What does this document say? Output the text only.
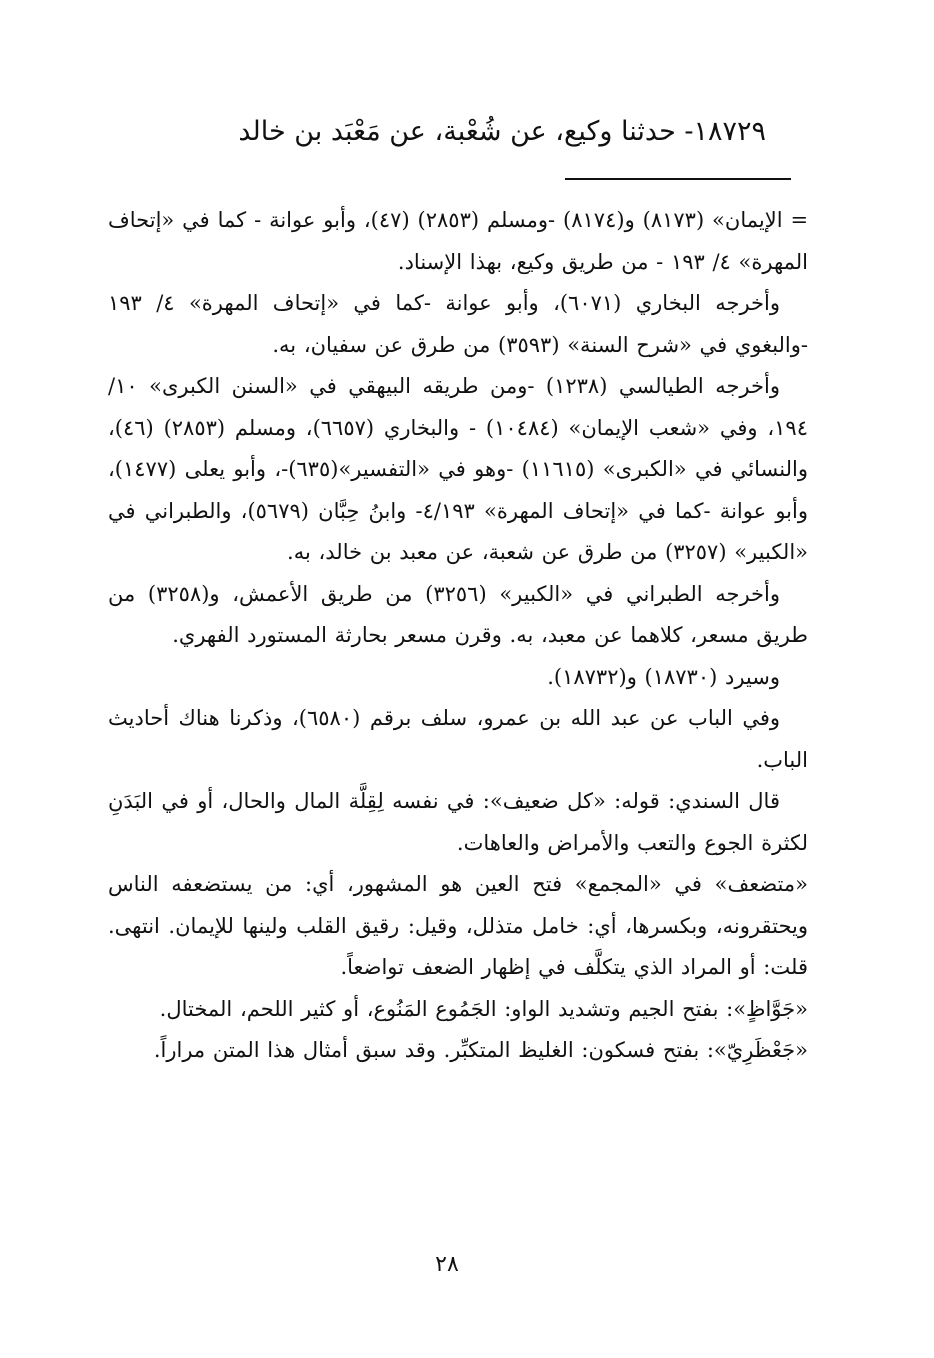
١٨٧٢٩- حدثنا وكيع، عن شُعْبة، عن مَعْبَد بن خالد

= الإيمان» (٨١٧٣) و(٨١٧٤) -ومسلم (٢٨٥٣) (٤٧)، وأبو عوانة - كما في «إتحاف المهرة» ٤/ ١٩٣ - من طريق وكيع، بهذا الإسناد.

وأخرجه البخاري (٦٠٧١)، وأبو عوانة -كما في «إتحاف المهرة» ٤/ ١٩٣ -والبغوي في «شرح السنة» (٣٥٩٣) من طرق عن سفيان، به.

وأخرجه الطيالسي (١٢٣٨) -ومن طريقه البيهقي في «السنن الكبرى» ١٠/ ١٩٤، وفي «شعب الإيمان» (١٠٤٨٤) - والبخاري (٦٦٥٧)، ومسلم (٢٨٥٣) (٤٦)، والنسائي في «الكبرى» (١١٦١٥) -وهو في «التفسير»(٦٣٥)-، وأبو يعلى (١٤٧٧)، وأبو عوانة -كما في «إتحاف المهرة» ٤/١٩٣- وابنُ حِبَّان (٥٦٧٩)، والطبراني في «الكبير» (٣٢٥٧) من طرق عن شعبة، عن معبد بن خالد، به.

وأخرجه الطبراني في «الكبير» (٣٢٥٦) من طريق الأعمش، و(٣٢٥٨) من طريق مسعر، كلاهما عن معبد، به. وقرن مسعر بحارثة المستورد الفهري.

وسيرد (١٨٧٣٠) و(١٨٧٣٢).

وفي الباب عن عبد الله بن عمرو، سلف برقم (٦٥٨٠)، وذكرنا هناك أحاديث الباب.

قال السندي: قوله: «كل ضعيف»: في نفسه لِقِلَّة المال والحال، أو في البَدَنِ لكثرة الجوع والتعب والأمراض والعاهات.

«متضعف» في «المجمع» فتح العين هو المشهور، أي: من يستضعفه الناس ويحتقرونه، وبكسرها، أي: خامل متذلل، وقيل: رقيق القلب ولينها للإيمان. انتهى. قلت: أو المراد الذي يتكلَّف في إظهار الضعف تواضعاً.

«جَوَّاظٍ»: بفتح الجيم وتشديد الواو: الجَمُوع المَنُوع، أو كثير اللحم، المختال.

«جَعْظَرِيّ»: بفتح فسكون: الغليظ المتكبِّر. وقد سبق أمثال هذا المتن مراراً.

٢٨
